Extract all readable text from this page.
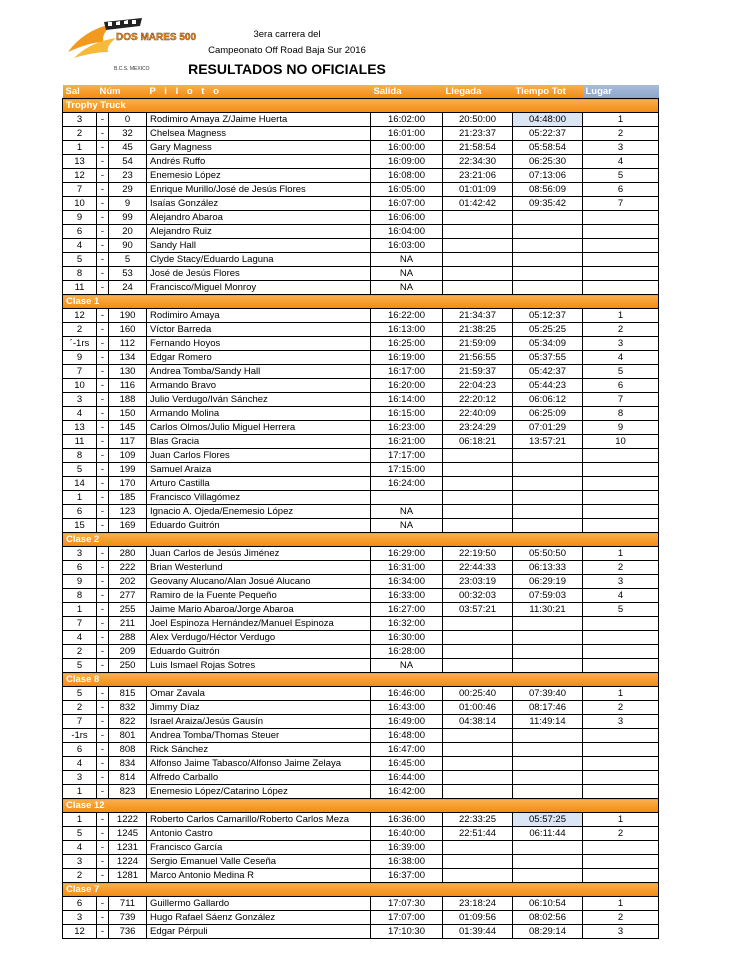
DOS MARES 500
B.C.S. MEXICO
3era carrera del
Campeonato Off Road Baja Sur 2016
RESULTADOS NO OFICIALES
Sal	Núm		P i l o t o	Salida	Llegada	Tiempo Tot	Lugar
Trophy Truck							
3	-	0	Rodimiro Amaya Z/Jaime Huerta	16:02:00	20:50:00	04:48:00	1
2	-	32	Chelsea Magness	16:01:00	21:23:37	05:22:37	2
1	-	45	Gary Magness	16:00:00	21:58:54	05:58:54	3
13	-	54	Andrés Ruffo	16:09:00	22:34:30	06:25:30	4
12	-	23	Enemesio López	16:08:00	23:21:06	07:13:06	5
7	-	29	Enrique Murillo/José de Jesús Flores	16:05:00	01:01:09	08:56:09	6
10	-	9	Isaías González	16:07:00	01:42:42	09:35:42	7
9	-	99	Alejandro Abaroa	16:06:00			
6	-	20	Alejandro Ruiz	16:04:00			
4	-	90	Sandy Hall	16:03:00			
5	-	5	Clyde Stacy/Eduardo Laguna	NA			
8	-	53	José de Jesús Flores	NA			
11	-	24	Francisco/Miguel Monroy	NA			
Clase 1							
12	-	190	Rodimiro Amaya	16:22:00	21:34:37	05:12:37	1
2	-	160	Víctor Barreda	16:13:00	21:38:25	05:25:25	2
´-1rs	-	112	Fernando Hoyos	16:25:00	21:59:09	05:34:09	3
9	-	134	Edgar Romero	16:19:00	21:56:55	05:37:55	4
7	-	130	Andrea Tomba/Sandy Hall	16:17:00	21:59:37	05:42:37	5
10	-	116	Armando Bravo	16:20:00	22:04:23	05:44:23	6
3	-	188	Julio Verdugo/Iván Sánchez	16:14:00	22:20:12	06:06:12	7
4	-	150	Armando Molina	16:15:00	22:40:09	06:25:09	8
13	-	145	Carlos Olmos/Julio Miguel Herrera	16:23:00	23:24:29	07:01:29	9
11	-	117	Blas Gracia	16:21:00	06:18:21	13:57:21	10
8	-	109	Juan Carlos Flores	17:17:00			
5	-	199	Samuel Araiza	17:15:00			
14	-	170	Arturo Castilla	16:24:00			
1	-	185	Francisco Villagómez				
6	-	123	Ignacio A. Ojeda/Enemesio López	NA			
15	-	169	Eduardo Guitrón	NA			
Clase 2							
3	-	280	Juan Carlos de Jesús Jiménez	16:29:00	22:19:50	05:50:50	1
6	-	222	Brian Westerlund	16:31:00	22:44:33	06:13:33	2
9	-	202	Geovany Alucano/Alan Josué Alucano	16:34:00	23:03:19	06:29:19	3
8	-	277	Ramiro de la Fuente Pequeño	16:33:00	00:32:03	07:59:03	4
1	-	255	Jaime Mario Abaroa/Jorge Abaroa	16:27:00	03:57:21	11:30:21	5
7	-	211	Joel Espinoza Hernández/Manuel Espinoza	16:32:00			
4	-	288	Alex Verdugo/Héctor Verdugo	16:30:00			
2	-	209	Eduardo Guitrón	16:28:00			
5	-	250	Luis Ismael Rojas Sotres	NA			
Clase 8							
5	-	815	Omar Zavala	16:46:00	00:25:40	07:39:40	1
2	-	832	Jimmy Díaz	16:43:00	01:00:46	08:17:46	2
7	-	822	Israel Araiza/Jesús Gausín	16:49:00	04:38:14	11:49:14	3
-1rs	-	801	Andrea Tomba/Thomas Steuer	16:48:00			
6	-	808	Rick Sánchez	16:47:00			
4	-	834	Alfonso Jaime Tabasco/Alfonso Jaime Zelaya	16:45:00			
3	-	814	Alfredo Carballo	16:44:00			
1	-	823	Enemesio López/Catarino López	16:42:00			
Clase 12							
1	-	1222	Roberto Carlos Camarillo/Roberto Carlos Meza	16:36:00	22:33:25	05:57:25	1
5	-	1245	Antonio Castro	16:40:00	22:51:44	06:11:44	2
4	-	1231	Francisco García	16:39:00			
3	-	1224	Sergio Emanuel Valle Ceseña	16:38:00			
2	-	1281	Marco Antonio Medina R	16:37:00			
Clase 7							
6	-	711	Guillermo Gallardo	17:07:30	23:18:24	06:10:54	1
3	-	739	Hugo Rafael Sáenz González	17:07:00	01:09:56	08:02:56	2
12	-	736	Edgar Pérpuli	17:10:30	01:39:44	08:29:14	3
